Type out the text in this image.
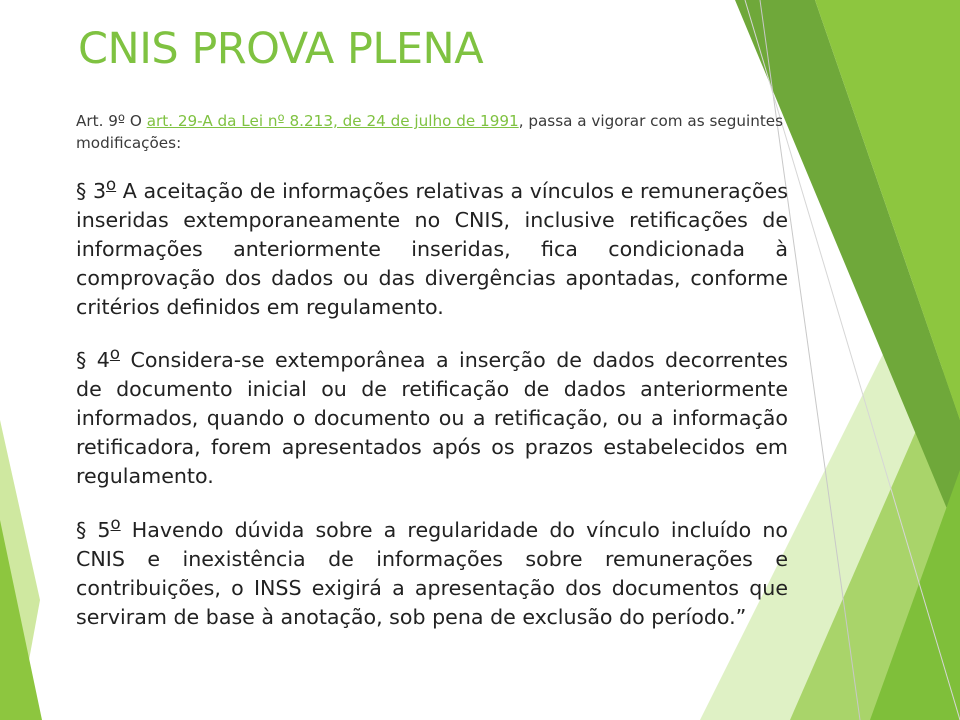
CNIS PROVA PLENA

Art. 9º O art. 29-A da Lei nº 8.213, de 24 de julho de 1991, passa a vigorar com as seguintes modificações:

§ 3$^o$ A aceitação de informações relativas a vínculos e remunerações inseridas extemporaneamente no CNIS, inclusive retificações de informações anteriormente inseridas, fica condicionada à comprovação dos dados ou das divergências apontadas, conforme critérios definidos em regulamento.

§ 4$^o$ Considera-se extemporânea a inserção de dados decorrentes de documento inicial ou de retificação de dados anteriormente informados, quando o documento ou a retificação, ou a informação retificadora, forem apresentados após os prazos estabelecidos em regulamento.

§ 5$^o$ Havendo dúvida sobre a regularidade do vínculo incluído no CNIS e inexistência de informações sobre remunerações e contribuições, o INSS exigirá a apresentação dos documentos que serviram de base à anotação, sob pena de exclusão do período.”
